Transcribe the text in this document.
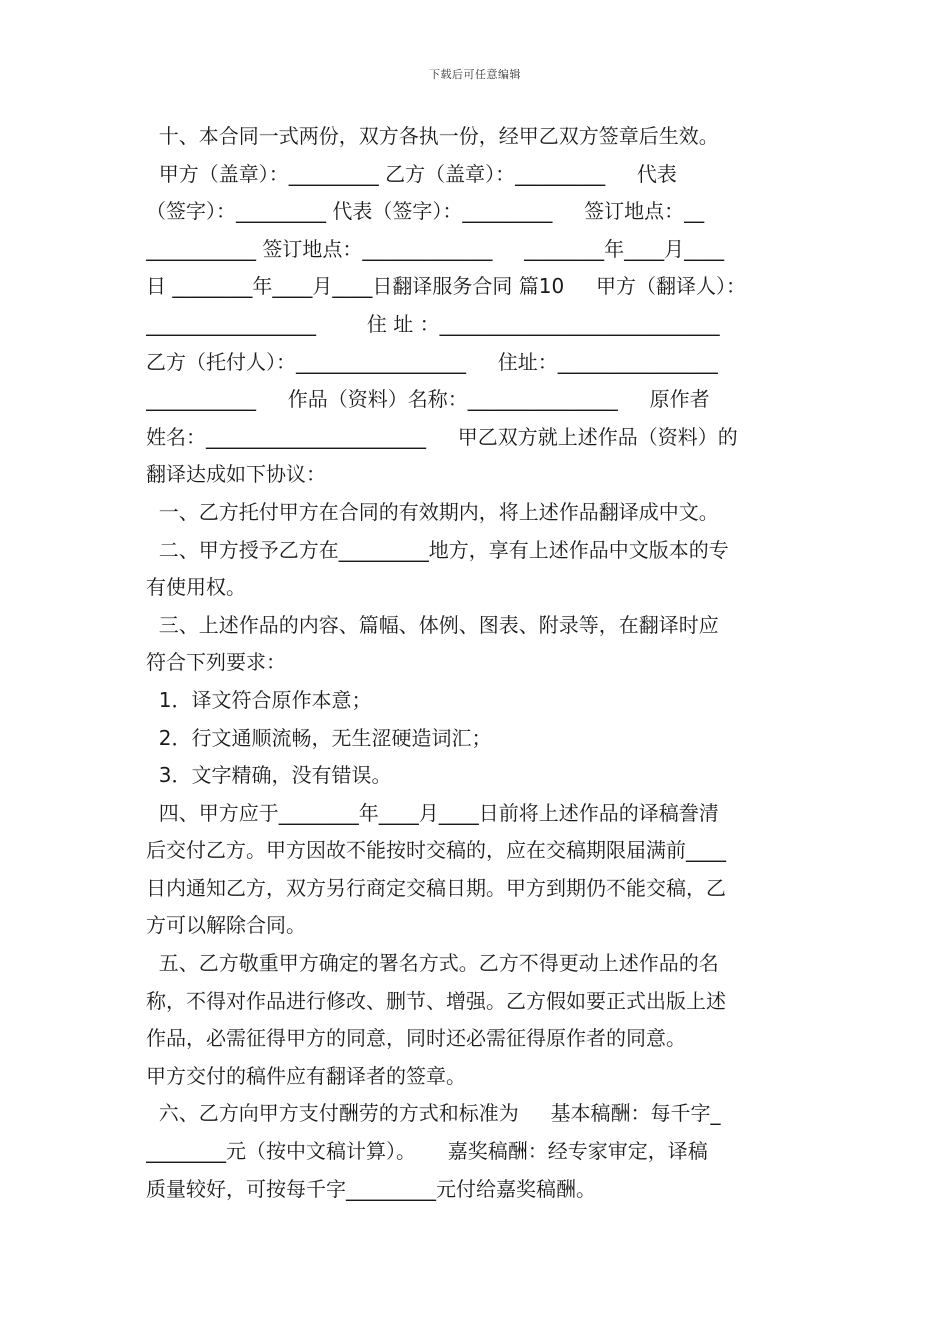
下载后可任意编辑
十、本合同一式两份，双方各执一份，经甲乙双方签章后生效。
甲方（盖章）：_________ 乙方（盖章）：_________     代表
（签字）：_________ 代表（签字）：_________     签订地点：__
___________ 签订地点：_____________     ________年____月____
日 ________年____月____日翻译服务合同 篇10     甲方（翻译人）：
_________________        住 址 ：____________________________
乙方（托付人）：_________________     住址：________________
___________     作品（资料）名称：_______________     原作者
姓名：______________________     甲乙双方就上述作品（资料）的
翻译达成如下协议：
一、乙方托付甲方在合同的有效期内，将上述作品翻译成中文。
二、甲方授予乙方在_________地方，享有上述作品中文版本的专
有使用权。
三、上述作品的内容、篇幅、体例、图表、附录等，在翻译时应
符合下列要求：
1．译文符合原作本意；
2．行文通顺流畅，无生涩硬造词汇；
3．文字精确，没有错误。
四、甲方应于________年____月____日前将上述作品的译稿誊清
后交付乙方。甲方因故不能按时交稿的，应在交稿期限届满前____
日内通知乙方，双方另行商定交稿日期。甲方到期仍不能交稿，乙
方可以解除合同。
五、乙方敬重甲方确定的署名方式。乙方不得更动上述作品的名
称，不得对作品进行修改、删节、增强。乙方假如要正式出版上述
作品，必需征得甲方的同意，同时还必需征得原作者的同意。
甲方交付的稿件应有翻译者的签章。
六、乙方向甲方支付酬劳的方式和标准为     基本稿酬：每千字_
________元（按中文稿计算）。     嘉奖稿酬：经专家审定，译稿
质量较好，可按每千字_________元付给嘉奖稿酬。
